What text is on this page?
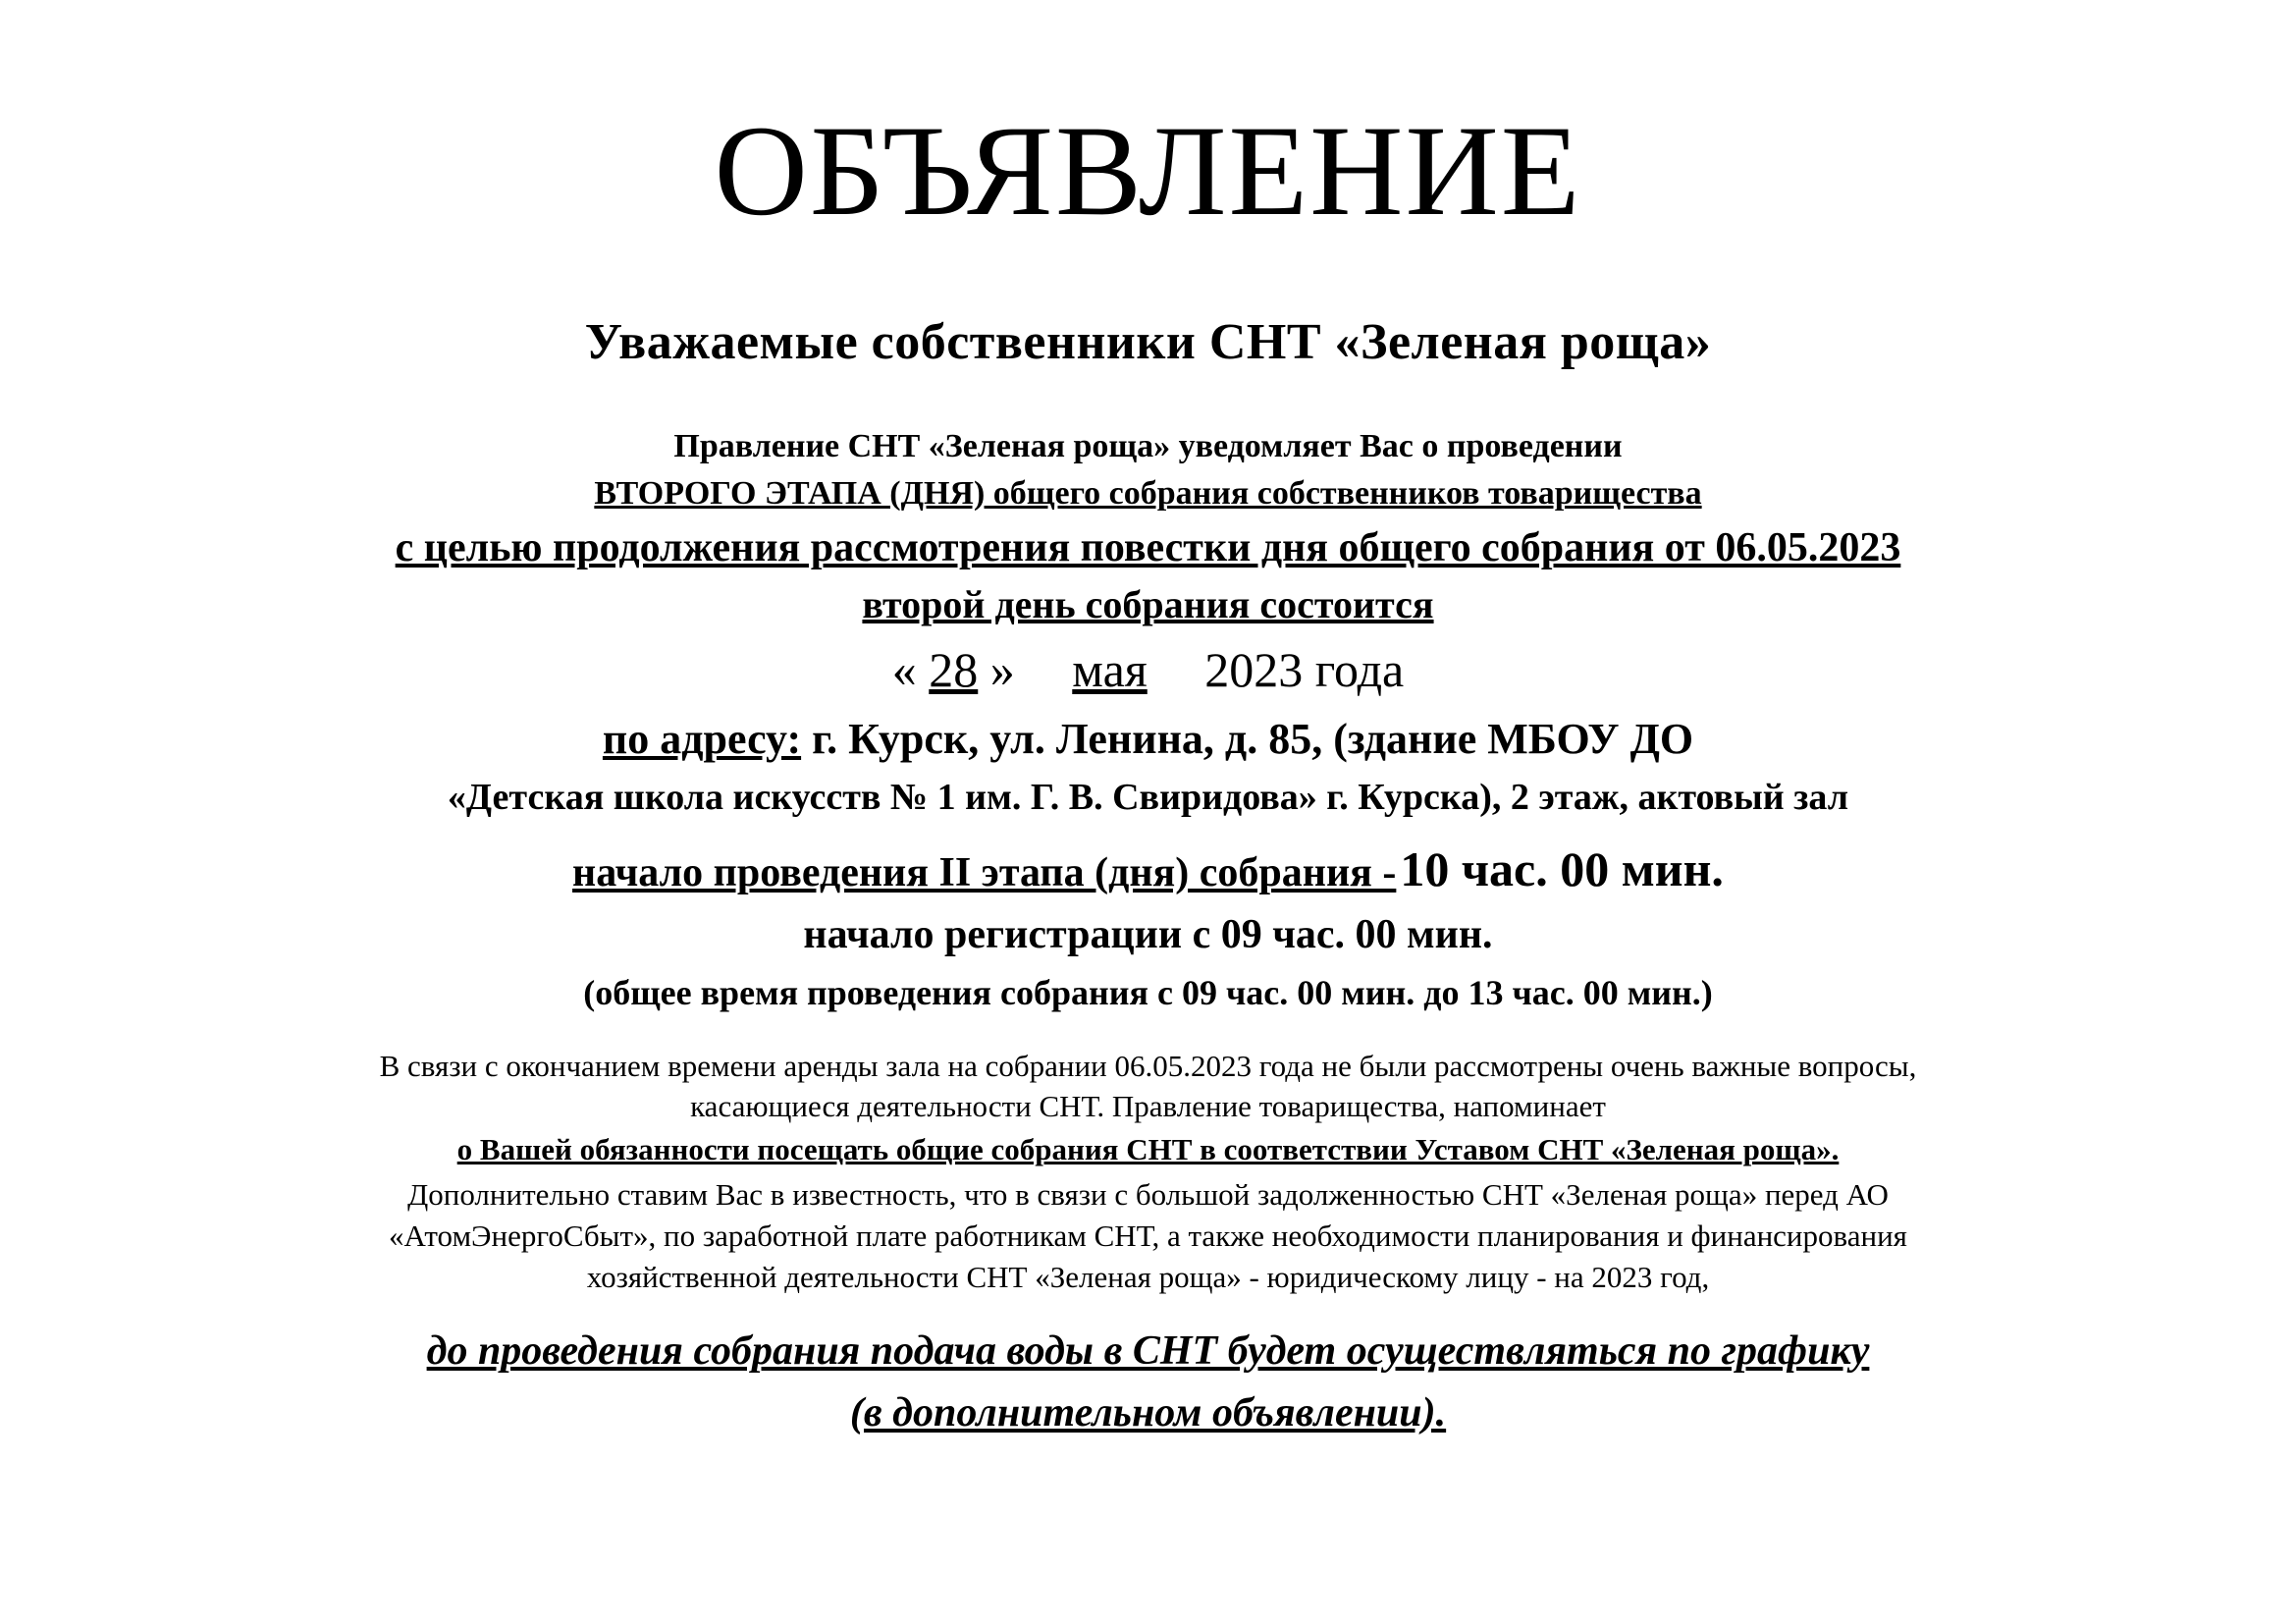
ОБЪЯВЛЕНИЕ
Уважаемые собственники СНТ «Зеленая роща»
Правление СНТ «Зеленая роща» уведомляет Вас о проведении
ВТОРОГО ЭТАПА (ДНЯ) общего собрания собственников товарищества
с целью продолжения рассмотрения повестки дня общего собрания от 06.05.2023
второй день собрания состоится
« 28 » мая 2023 года
по адресу: г. Курск, ул. Ленина, д. 85, (здание МБОУ ДО
«Детская школа искусств № 1 им. Г. В. Свиридова» г. Курска), 2 этаж, актовый зал
начало проведения II этапа (дня) собрания - 10 час. 00 мин.
начало регистрации с 09 час. 00 мин.
(общее время проведения собрания с 09 час. 00 мин. до 13 час. 00 мин.)
В связи с окончанием времени аренды зала на собрании 06.05.2023 года не были рассмотрены очень важные вопросы,
касающиеся деятельности СНТ. Правление товарищества, напоминает
о Вашей обязанности посещать общие собрания СНТ в соответствии Уставом СНТ «Зеленая роща».
Дополнительно ставим Вас в известность, что в связи с большой задолженностью СНТ «Зеленая роща» перед АО
«АтомЭнергоСбыт», по заработной плате работникам СНТ, а также необходимости планирования и финансирования
хозяйственной деятельности СНТ «Зеленая роща» - юридическому лицу - на 2023 год,
до проведения собрания подача воды в СНТ будет осуществляться по графику
(в дополнительном объявлении).
